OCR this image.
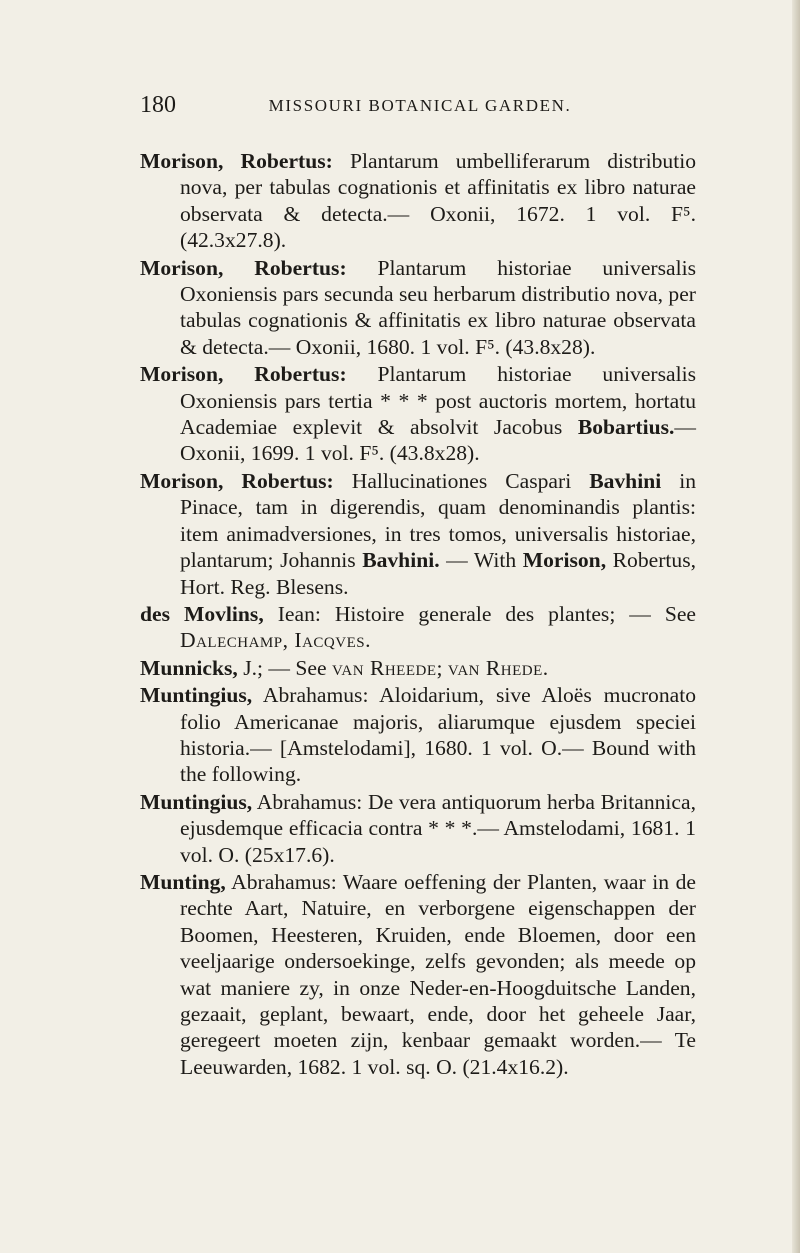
180	MISSOURI BOTANICAL GARDEN.

Morison, Robertus: Plantarum umbelliferarum distributio nova, per tabulas cognationis et affinitatis ex libro naturae observata & detecta.— Oxonii, 1672. 1 vol. F⁵. (42.3x27.8).

Morison, Robertus: Plantarum historiae universalis Oxoniensis pars secunda seu herbarum distributio nova, per tabulas cognationis & affinitatis ex libro naturae observata & detecta.— Oxonii, 1680. 1 vol. F⁵. (43.8x28).

Morison, Robertus: Plantarum historiae universalis Oxoniensis pars tertia * * * post auctoris mortem, hortatu Academiae explevit & absolvit Jacobus Bobartius.— Oxonii, 1699. 1 vol. F⁵. (43.8x28).

Morison, Robertus: Hallucinationes Caspari Bavhini in Pinace, tam in digerendis, quam denominandis plantis: item animadversiones, in tres tomos, universalis historiae, plantarum; Johannis Bavhini. — With Morison, Robertus, Hort. Reg. Blesens.

des Movlins, Iean: Histoire generale des plantes; — See Dalechamp, Iacqves.

Munnicks, J.; — See van Rheede; van Rhede.

Muntingius, Abrahamus: Aloidarium, sive Aloës mucronato folio Americanae majoris, aliarumque ejusdem speciei historia.— [Amstelodami], 1680. 1 vol. O.— Bound with the following.

Muntingius, Abrahamus: De vera antiquorum herba Britannica, ejusdemque efficacia contra * * *.— Amstelodami, 1681. 1 vol. O. (25x17.6).

Munting, Abrahamus: Waare oeffening der Planten, waar in de rechte Aart, Natuire, en verborgene eigenschappen der Boomen, Heesteren, Kruiden, ende Bloemen, door een veeljaarige ondersoekinge, zelfs gevonden; als meede op wat maniere zy, in onze Neder-en-Hoogduitsche Landen, gezaait, geplant, bewaart, ende, door het geheele Jaar, geregeert moeten zijn, kenbaar gemaakt worden.— Te Leeuwarden, 1682. 1 vol. sq. O. (21.4x16.2).
